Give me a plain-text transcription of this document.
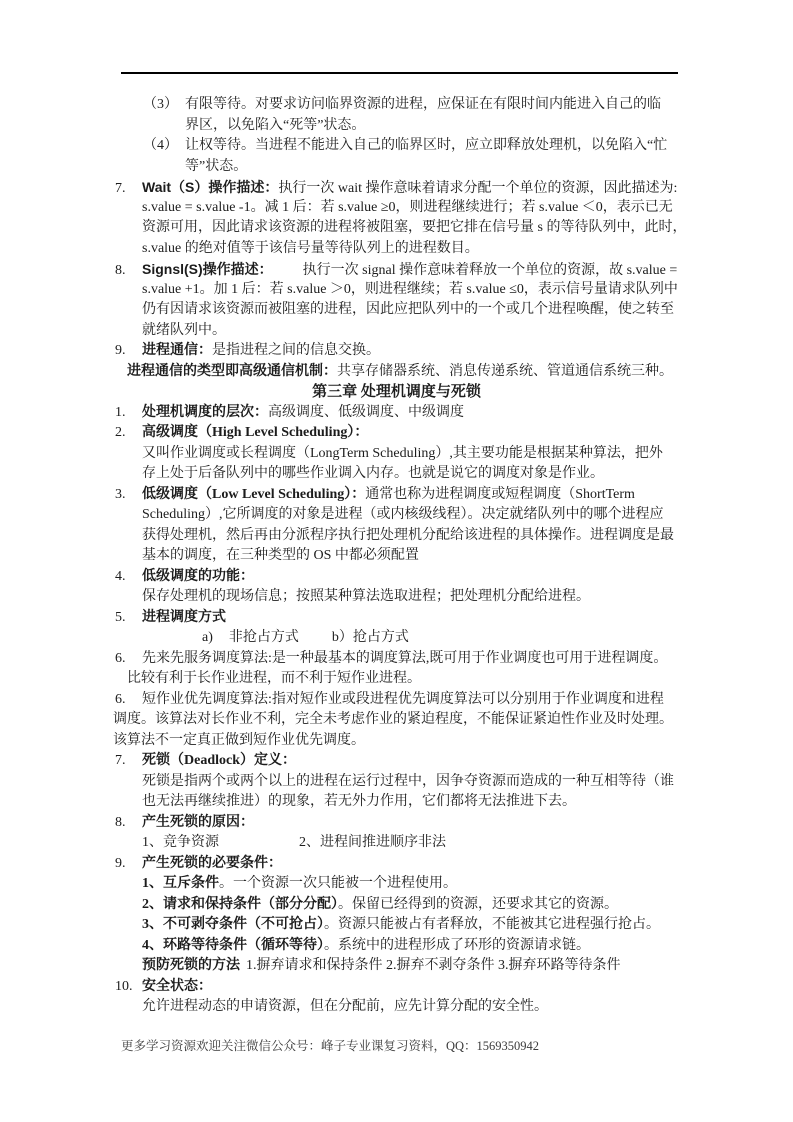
（3） 有限等待。对要求访问临界资源的进程，应保证在有限时间内能进入自己的临
界区，以免陷入“死等”状态。
（4） 让权等待。当进程不能进入自己的临界区时，应立即释放处理机，以免陷入“忙
等”状态。
7. Wait（S）操作描述：执行一次 wait 操作意味着请求分配一个单位的资源，因此描述为:
s.value = s.value -1。减 1 后：若 s.value ≥0，则进程继续进行；若 s.value ＜0，表示已无
资源可用，因此请求该资源的进程将被阻塞，要把它排在信号量 s 的等待队列中，此时，
s.value 的绝对值等于该信号量等待队列上的进程数目。
8. Signsl(S)操作描述： 执行一次 signal 操作意味着释放一个单位的资源，故 s.value =
s.value +1。加 1 后：若 s.value ＞0，则进程继续；若 s.value ≤0，表示信号量请求队列中
仍有因请求该资源而被阻塞的进程，因此应把队列中的一个或几个进程唤醒，使之转至
就绪队列中。
9. 进程通信：是指进程之间的信息交换。
进程通信的类型即高级通信机制：共享存储器系统、消息传递系统、管道通信系统三种。
第三章 处理机调度与死锁
1. 处理机调度的层次：高级调度、低级调度、中级调度
2. 高级调度（High Level Scheduling）：
又叫作业调度或长程调度（LongTerm Scheduling）,其主要功能是根据某种算法，把外
存上处于后备队列中的哪些作业调入内存。也就是说它的调度对象是作业。
3. 低级调度（Low Level Scheduling）：通常也称为进程调度或短程调度（ShortTerm
Scheduling）,它所调度的对象是进程（或内核级线程）。决定就绪队列中的哪个进程应
获得处理机，然后再由分派程序执行把处理机分配给该进程的具体操作。进程调度是最
基本的调度，在三种类型的 OS 中都必须配置
4. 低级调度的功能：
保存处理机的现场信息；按照某种算法选取进程；把处理机分配给进程。
5. 进程调度方式
a) 非抢占方式 b）抢占方式
6. 先来先服务调度算法:是一种最基本的调度算法,既可用于作业调度也可用于进程调度。
比较有利于长作业进程，而不利于短作业进程。
6. 短作业优先调度算法:指对短作业或段进程优先调度算法可以分别用于作业调度和进程
调度。该算法对长作业不利，完全未考虑作业的紧迫程度，不能保证紧迫性作业及时处理。
该算法不一定真正做到短作业优先调度。
7. 死锁（Deadlock）定义：
死锁是指两个或两个以上的进程在运行过程中，因争夺资源而造成的一种互相等待（谁
也无法再继续推进）的现象，若无外力作用，它们都将无法推进下去。
8. 产生死锁的原因：
1、竞争资源	2、进程间推进顺序非法
9. 产生死锁的必要条件：
1、互斥条件。一个资源一次只能被一个进程使用。
2、请求和保持条件（部分分配）。保留已经得到的资源，还要求其它的资源。
3、不可剥夺条件（不可抢占）。资源只能被占有者释放，不能被其它进程强行抢占。
4、环路等待条件（循环等待）。系统中的进程形成了环形的资源请求链。
预防死锁的方法 1.摒弃请求和保持条件 2.摒弃不剥夺条件 3.摒弃环路等待条件
10. 安全状态：
允许进程动态的申请资源，但在分配前，应先计算分配的安全性。
更多学习资源欢迎关注微信公众号：峰子专业课复习资料，QQ：1569350942
